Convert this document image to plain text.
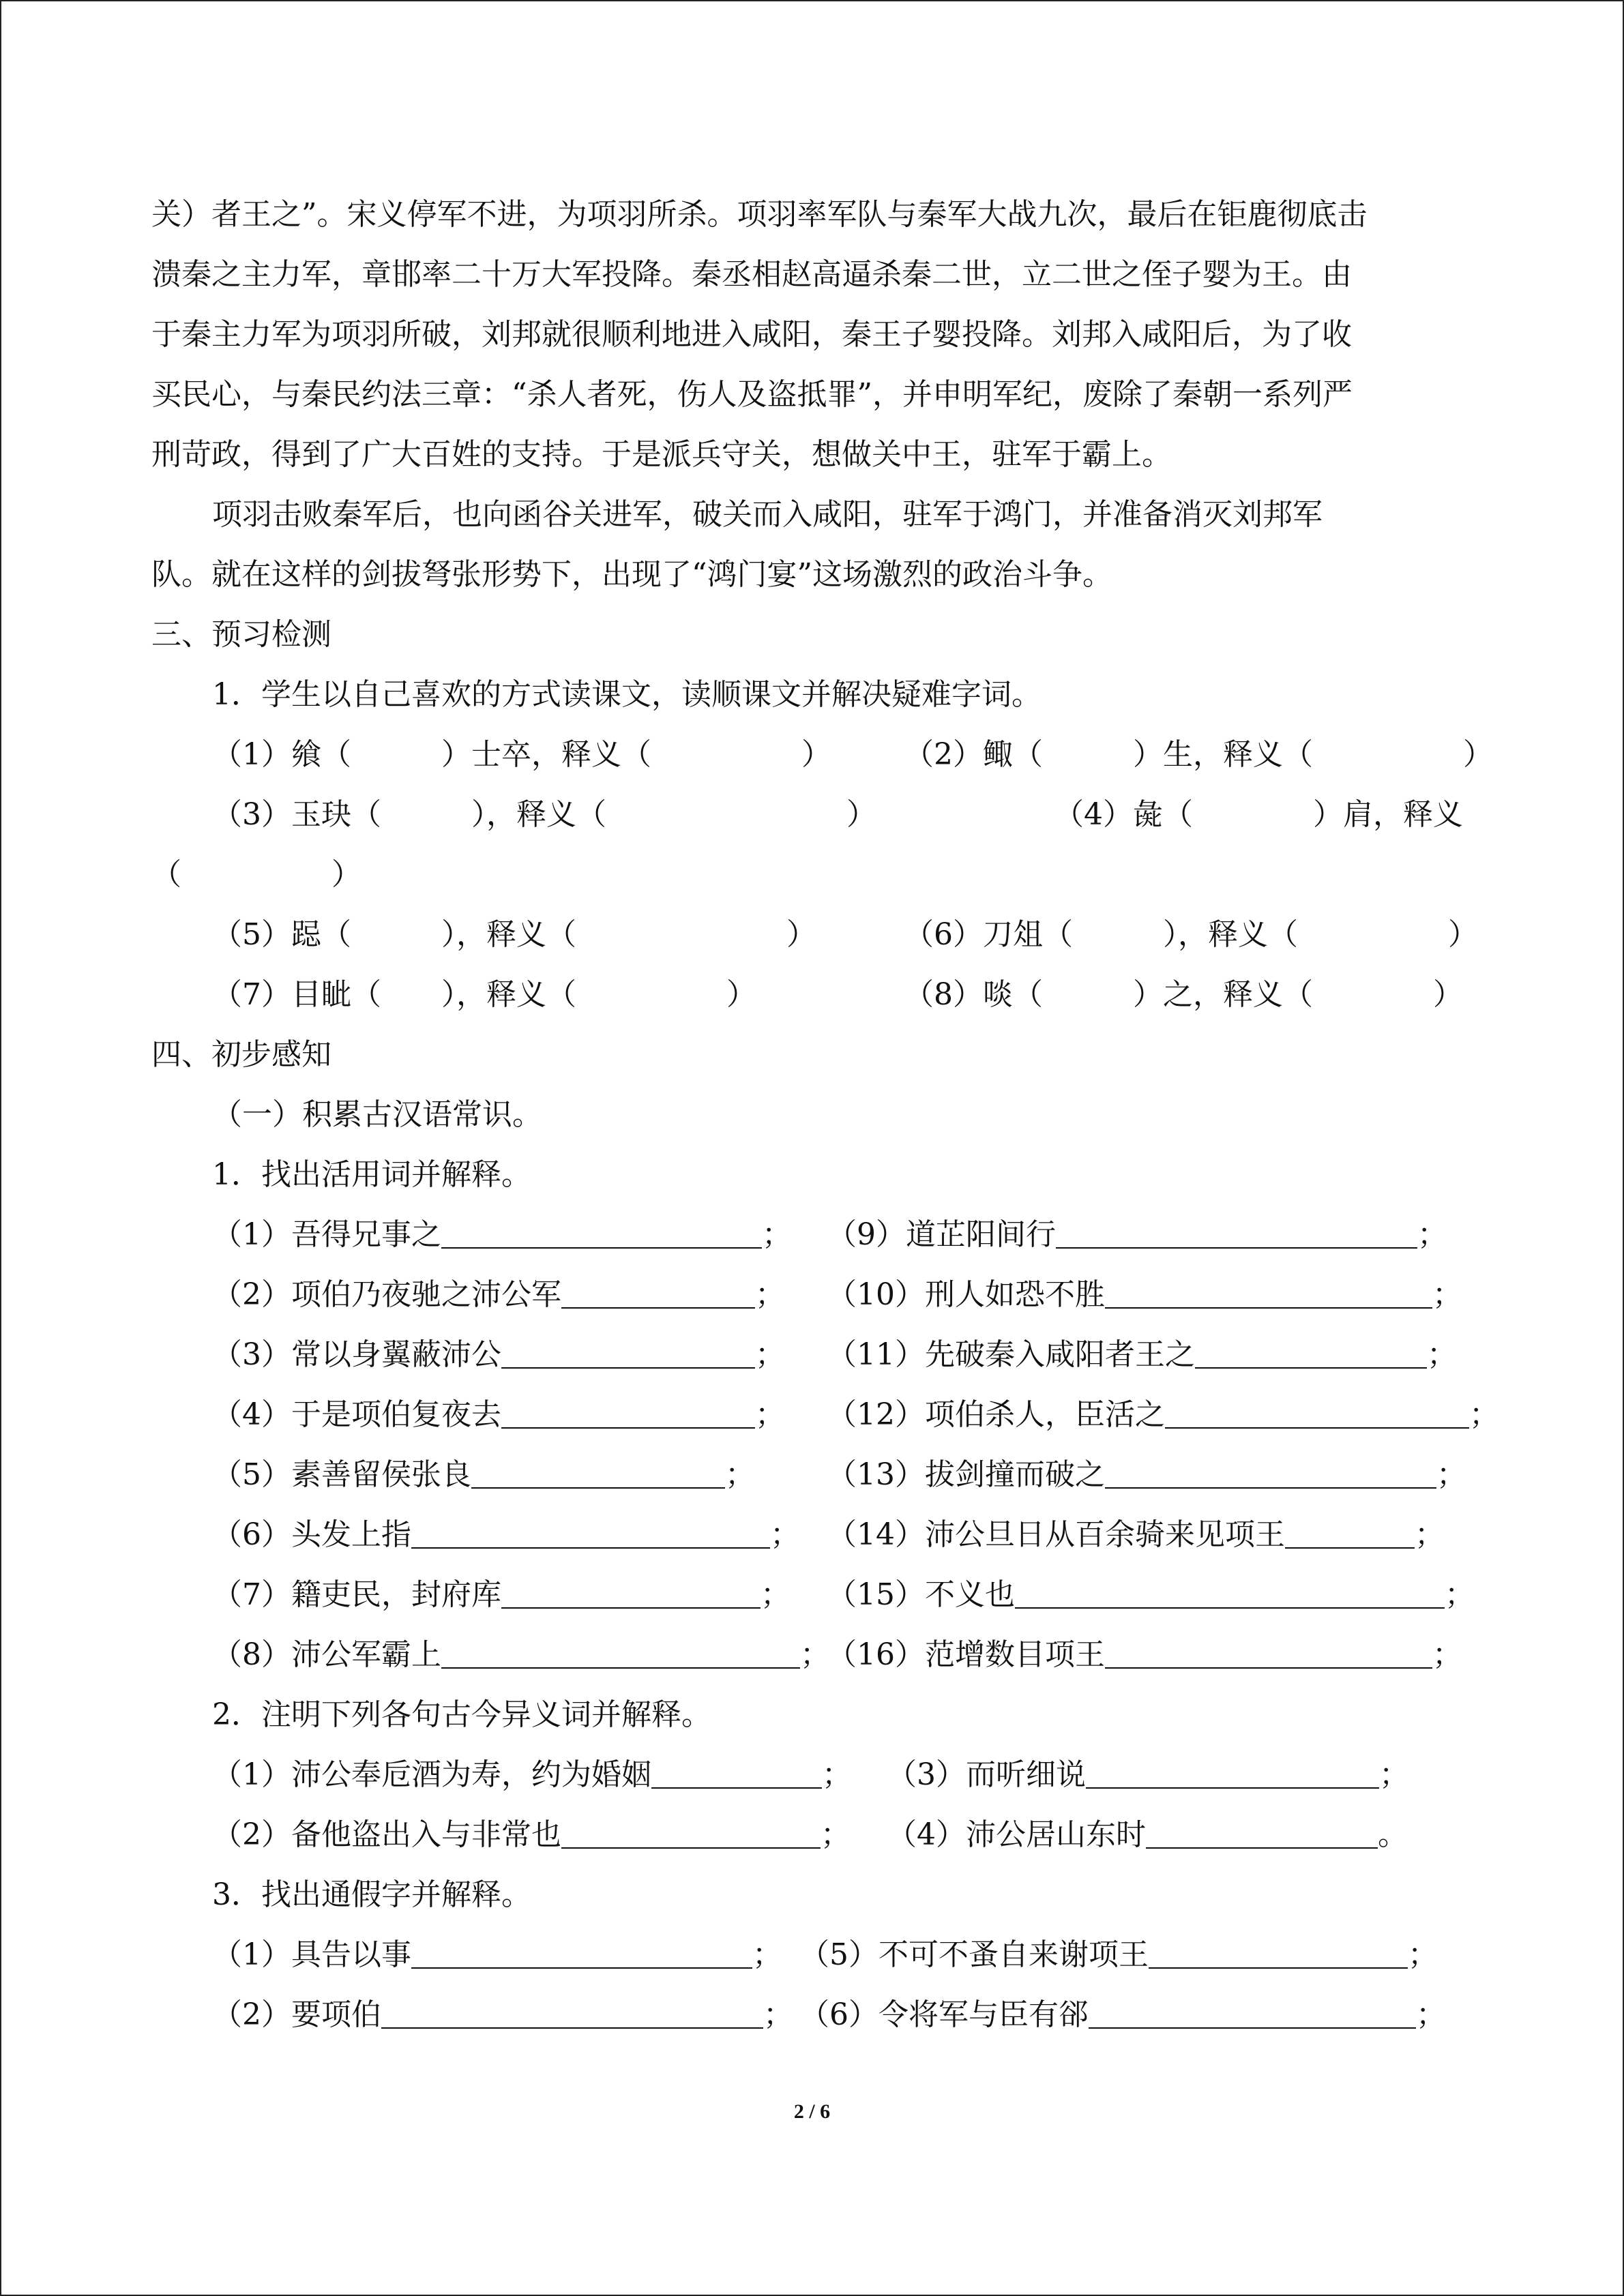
关）者王之”。宋义停军不进，为项羽所杀。项羽率军队与秦军大战九次，最后在钜鹿彻底击
溃秦之主力军，章邯率二十万大军投降。秦丞相赵高逼杀秦二世，立二世之侄子婴为王。由
于秦主力军为项羽所破，刘邦就很顺利地进入咸阳，秦王子婴投降。刘邦入咸阳后，为了收
买民心，与秦民约法三章：“杀人者死，伤人及盗抵罪”，并申明军纪，废除了秦朝一系列严
刑苛政，得到了广大百姓的支持。于是派兵守关，想做关中王，驻军于霸上。
项羽击败秦军后，也向函谷关进军，破关而入咸阳，驻军于鸿门，并准备消灭刘邦军
队。就在这样的剑拔弩张形势下，出现了“鸿门宴”这场激烈的政治斗争。
三、预习检测
1．学生以自己喜欢的方式读课文，读顺课文并解决疑难字词。
（1）飨（　　　）士卒，释义（　　　　　） （2）鲰（　　　）生，释义（　　　　　）
（3）玉玦（　　　），释义（　　　　　　　　）	（4）彘（　　　　）肩，释义
（　　　　　）
（5）跽（　　　），释义（　　　　　　　）	（6）刀俎（　　　），释义（　　　　　）
（7）目眦（　　），释义（　　　　　）	（8）啖（　　　）之，释义（　　　　）
四、初步感知
（一）积累古汉语常识。
1．找出活用词并解释。
（1）吾得兄事之	；
（2）项伯乃夜驰之沛公军	；
（3）常以身翼蔽沛公	；
（4）于是项伯复夜去	；
（5）素善留侯张良	；
（6）头发上指	；
（7）籍吏民，封府库	；
（8）沛公军霸上	；
（9）道芷阳间行	；
（10）刑人如恐不胜	；
（11）先破秦入咸阳者王之	；
（12）项伯杀人，臣活之	；
（13）拔剑撞而破之	；
（14）沛公旦日从百余骑来见项王	；
（15）不义也	；
（16）范增数目项王	；
2．注明下列各句古今异义词并解释。
（1）沛公奉卮酒为寿，约为婚姻	； （3）而听细说	；
（2）备他盗出入与非常也	； （4）沛公居山东时	。
3．找出通假字并解释。
（1）具告以事	； （5）不可不蚤自来谢项王	；
（2）要项伯	； （6）令将军与臣有郤	；
2 / 6
